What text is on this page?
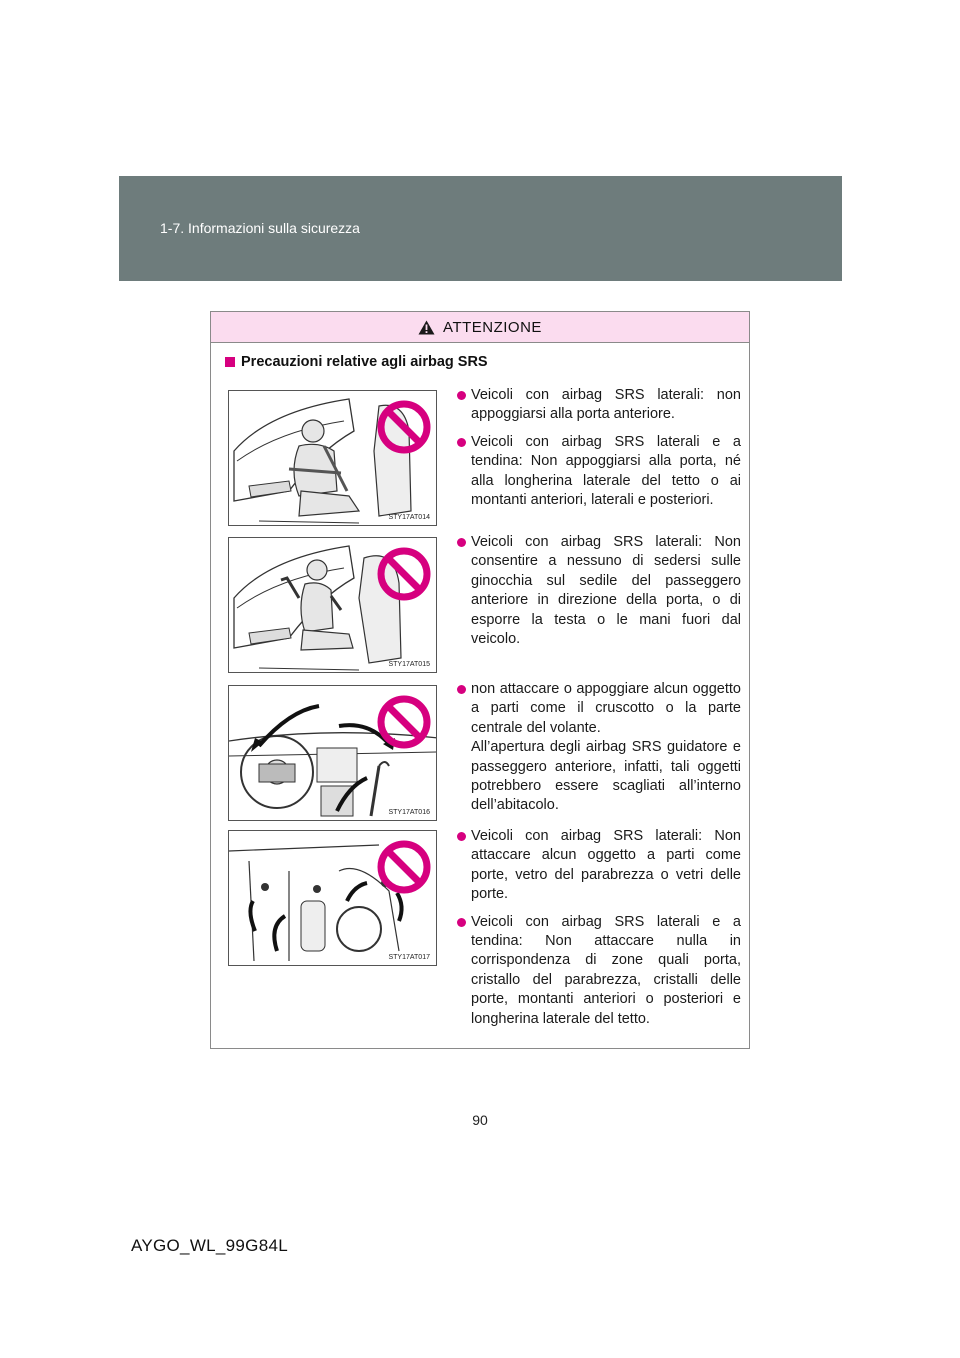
1-7. Informazioni sulla sicurezza
ATTENZIONE
Precauzioni relative agli airbag SRS
STY17AT014
STY17AT015
STY17AT016
STY17AT017
Veicoli con airbag SRS laterali: non appoggiarsi alla porta anteriore.
Veicoli con airbag SRS laterali e a tendina: Non appoggiarsi alla porta, né alla longherina laterale del tetto o ai montanti anteriori, laterali e posteriori.
Veicoli con airbag SRS laterali: Non consentire a nessuno di sedersi sulle ginocchia sul sedile del passeggero anteriore in direzione della porta, o di esporre la testa o le mani fuori dal veicolo.
non attaccare o appoggiare alcun oggetto a parti come il cruscotto o la parte centrale del volante.
All’apertura degli airbag SRS guidatore e passeggero anteriore, infatti, tali oggetti potrebbero essere scagliati all’interno dell’abitacolo.
Veicoli con airbag SRS laterali: Non attaccare alcun oggetto a parti come porte, vetro del parabrezza o vetri delle porte.
Veicoli con airbag SRS laterali e a tendina: Non attaccare nulla in corrispondenza di zone quali porta, cristallo del parabrezza, cristalli delle porte, montanti anteriori o posteriori e longherina laterale del tetto.
90
AYGO_WL_99G84L
